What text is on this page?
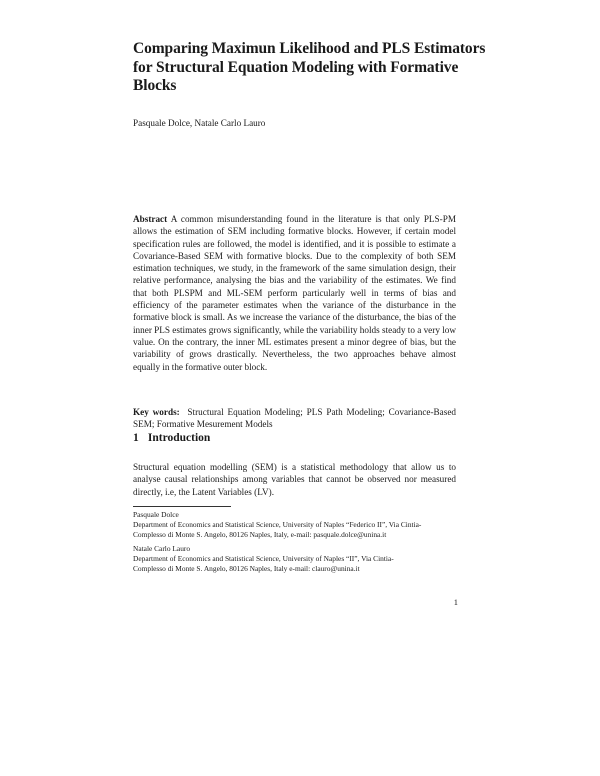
Comparing Maximun Likelihood and PLS Estimators for Structural Equation Modeling with Formative Blocks

Pasquale Dolce, Natale Carlo Lauro

Abstract A common misunderstanding found in the literature is that only PLS-PM allows the estimation of SEM including formative blocks. However, if certain model specification rules are followed, the model is identified, and it is possible to estimate a Covariance-Based SEM with formative blocks. Due to the complexity of both SEM estimation techniques, we study, in the framework of the same simulation design, their relative performance, analysing the bias and the variability of the estimates. We find that both PLSPM and ML-SEM perform particularly well in terms of bias and efficiency of the parameter estimates when the variance of the disturbance in the formative block is small. As we increase the variance of the disturbance, the bias of the inner PLS estimates grows significantly, while the variability holds steady to a very low value. On the contrary, the inner ML estimates present a minor degree of bias, but the variability of grows drastically. Nevertheless, the two approaches behave almost equally in the formative outer block.

Key words: Structural Equation Modeling; PLS Path Modeling; Covariance-Based SEM; Formative Mesurement Models

1 Introduction

Structural equation modelling (SEM) is a statistical methodology that allow us to analyse causal relationships among variables that cannot be observed nor measured directly, i.e, the Latent Variables (LV).

Pasquale Dolce
Department of Economics and Statistical Science, University of Naples “Federico II”, Via Cintia-
Complesso di Monte S. Angelo, 80126 Naples, Italy, e-mail: pasquale.dolce@unina.it
Natale Carlo Lauro
Department of Economics and Statistical Science, University of Naples “II”, Via Cintia-
Complesso di Monte S. Angelo, 80126 Naples, Italy e-mail: clauro@unina.it

1
